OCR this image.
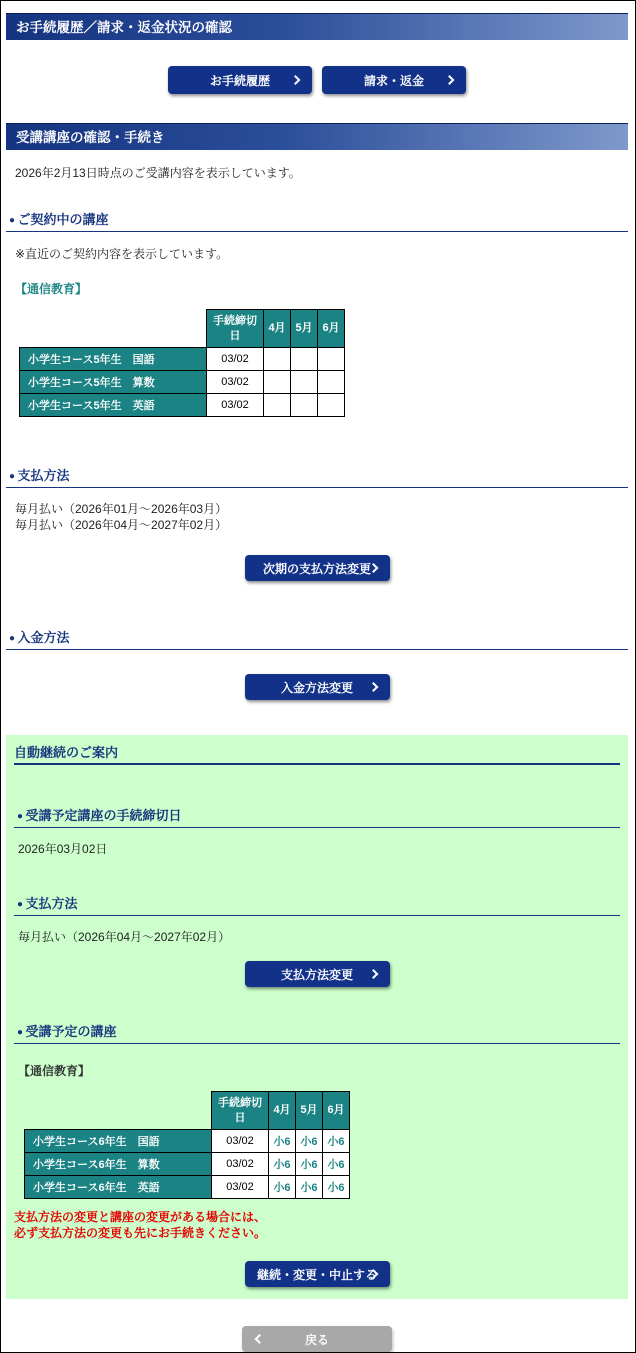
お手続履歴／請求・返金状況の確認
お手続履歴	請求・返金
受講講座の確認・手続き

2026年2月13日時点のご受講内容を表示しています。

● ご契約中の講座

※直近のご契約内容を表示しています。

【通信教育】

	手続締切日	4月	5月	6月
小学生コース5年生　国語	03/02			
小学生コース5年生　算数	03/02			
小学生コース5年生　英語	03/02			
● 支払方法

毎月払い（2026年01月～2026年03月）

毎月払い（2026年04月～2027年02月）

次期の支払方法変更
● 入金方法
入金方法変更
自動継続のご案内
● 受講予定講座の手続締切日

2026年03月02日

● 支払方法

毎月払い（2026年04月～2027年02月）

支払方法変更
● 受講予定の講座

【通信教育】

	手続締切日	4月	5月	6月
小学生コース6年生　国語	03/02	小6	小6	小6
小学生コース6年生　算数	03/02	小6	小6	小6
小学生コース6年生　英語	03/02	小6	小6	小6

支払方法の変更と講座の変更がある場合には、

必ず支払方法の変更も先にお手続きください。

継続・変更・中止する
戻る
